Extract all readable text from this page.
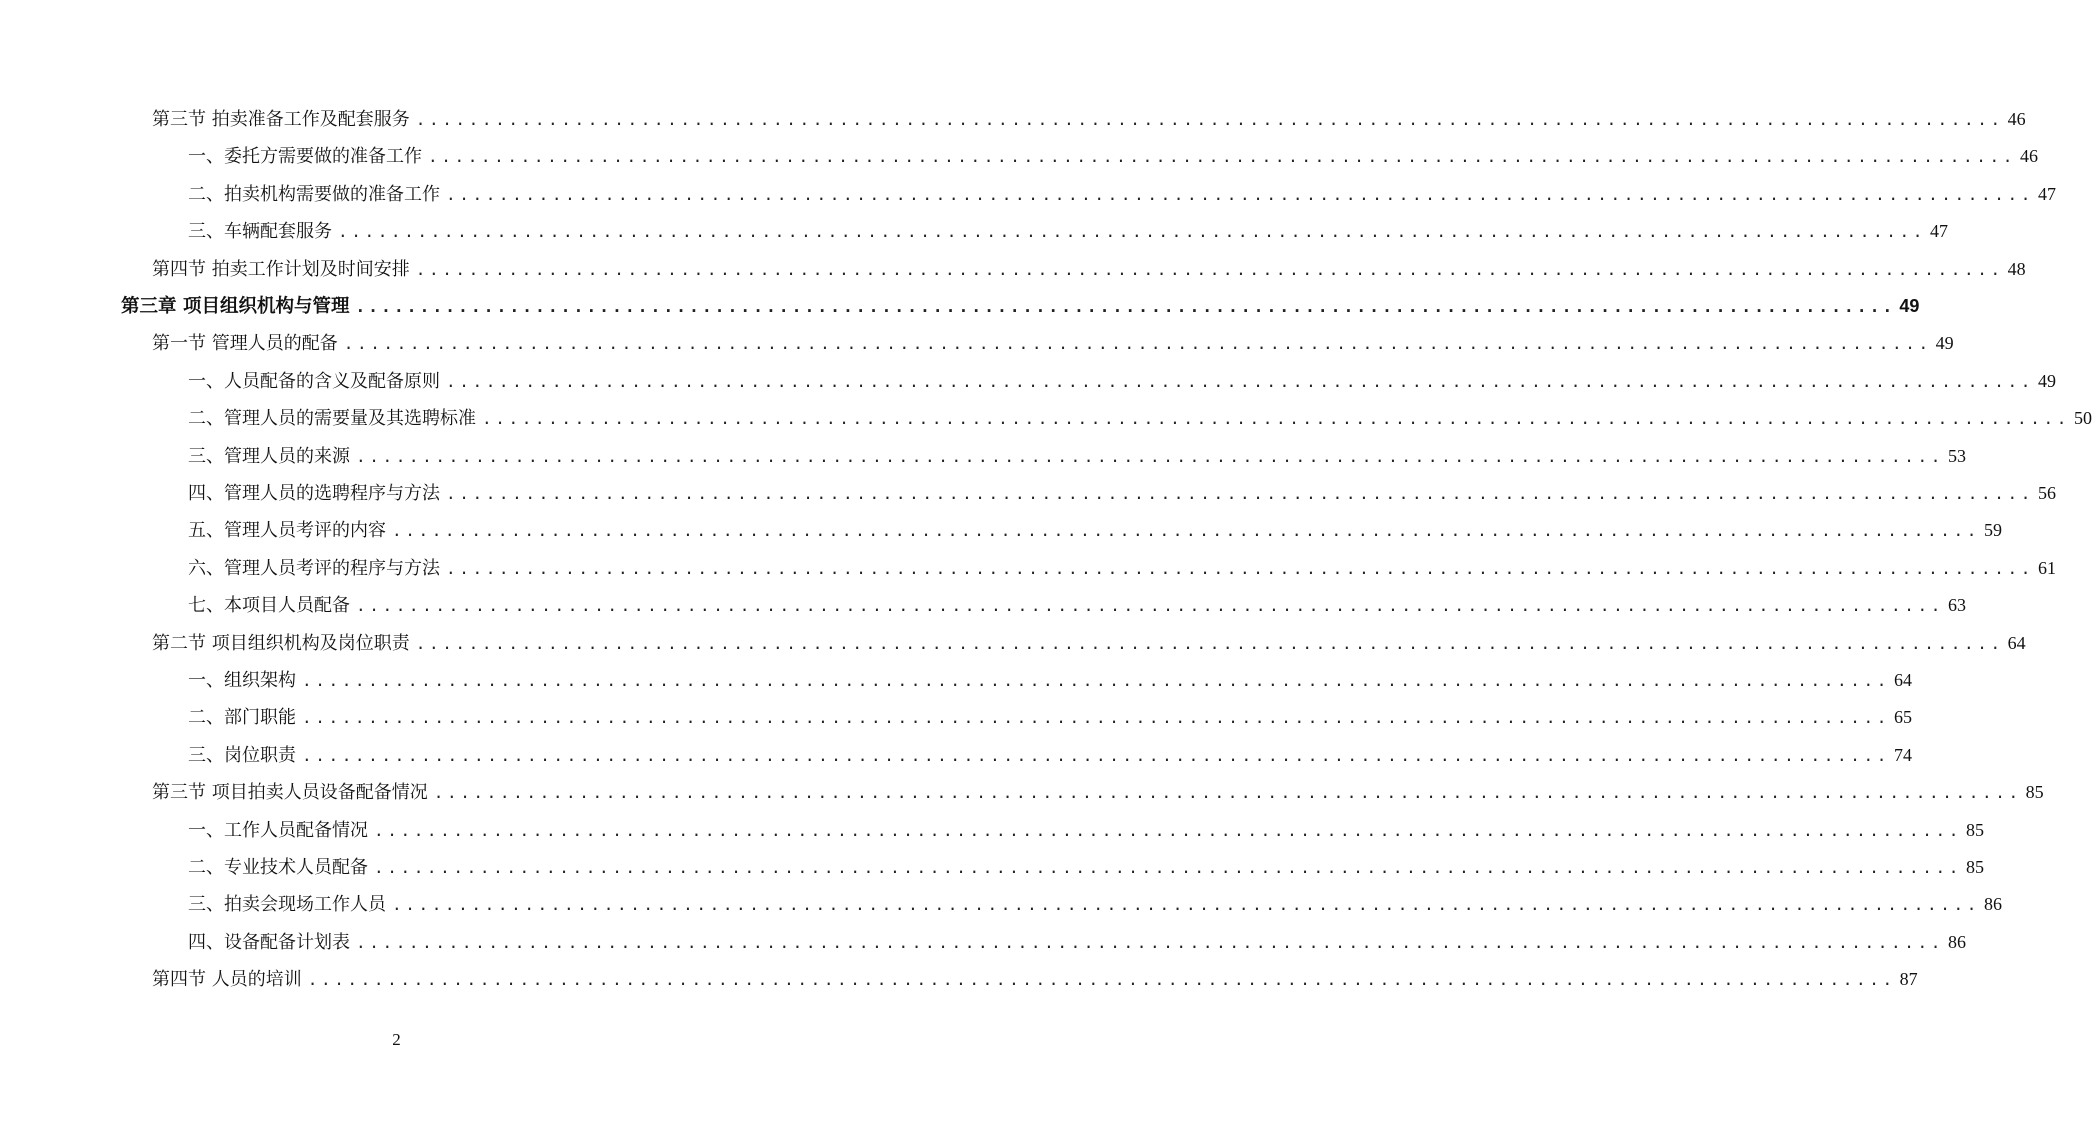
第三节 拍卖准备工作及配套服务 ........................................................................................................................ 46
一、委托方需要做的准备工作 ........................................................................................................................ 46
二、拍卖机构需要做的准备工作 ........................................................................................................................ 47
三、车辆配套服务 ........................................................................................................................ 47
第四节 拍卖工作计划及时间安排 ........................................................................................................................ 48
第三章 项目组织机构与管理 ........................................................................................................................ 49
第一节 管理人员的配备 ........................................................................................................................ 49
一、人员配备的含义及配备原则 ........................................................................................................................ 49
二、管理人员的需要量及其选聘标准 ........................................................................................................................ 50
三、管理人员的来源 ........................................................................................................................ 53
四、管理人员的选聘程序与方法 ........................................................................................................................ 56
五、管理人员考评的内容 ........................................................................................................................ 59
六、管理人员考评的程序与方法 ........................................................................................................................ 61
七、本项目人员配备 ........................................................................................................................ 63
第二节 项目组织机构及岗位职责 ........................................................................................................................ 64
一、组织架构 ........................................................................................................................ 64
二、部门职能 ........................................................................................................................ 65
三、岗位职责 ........................................................................................................................ 74
第三节 项目拍卖人员设备配备情况 ........................................................................................................................ 85
一、工作人员配备情况 ........................................................................................................................ 85
二、专业技术人员配备 ........................................................................................................................ 85
三、拍卖会现场工作人员 ........................................................................................................................ 86
四、设备配备计划表 ........................................................................................................................ 86
第四节 人员的培训 ........................................................................................................................ 87
2
